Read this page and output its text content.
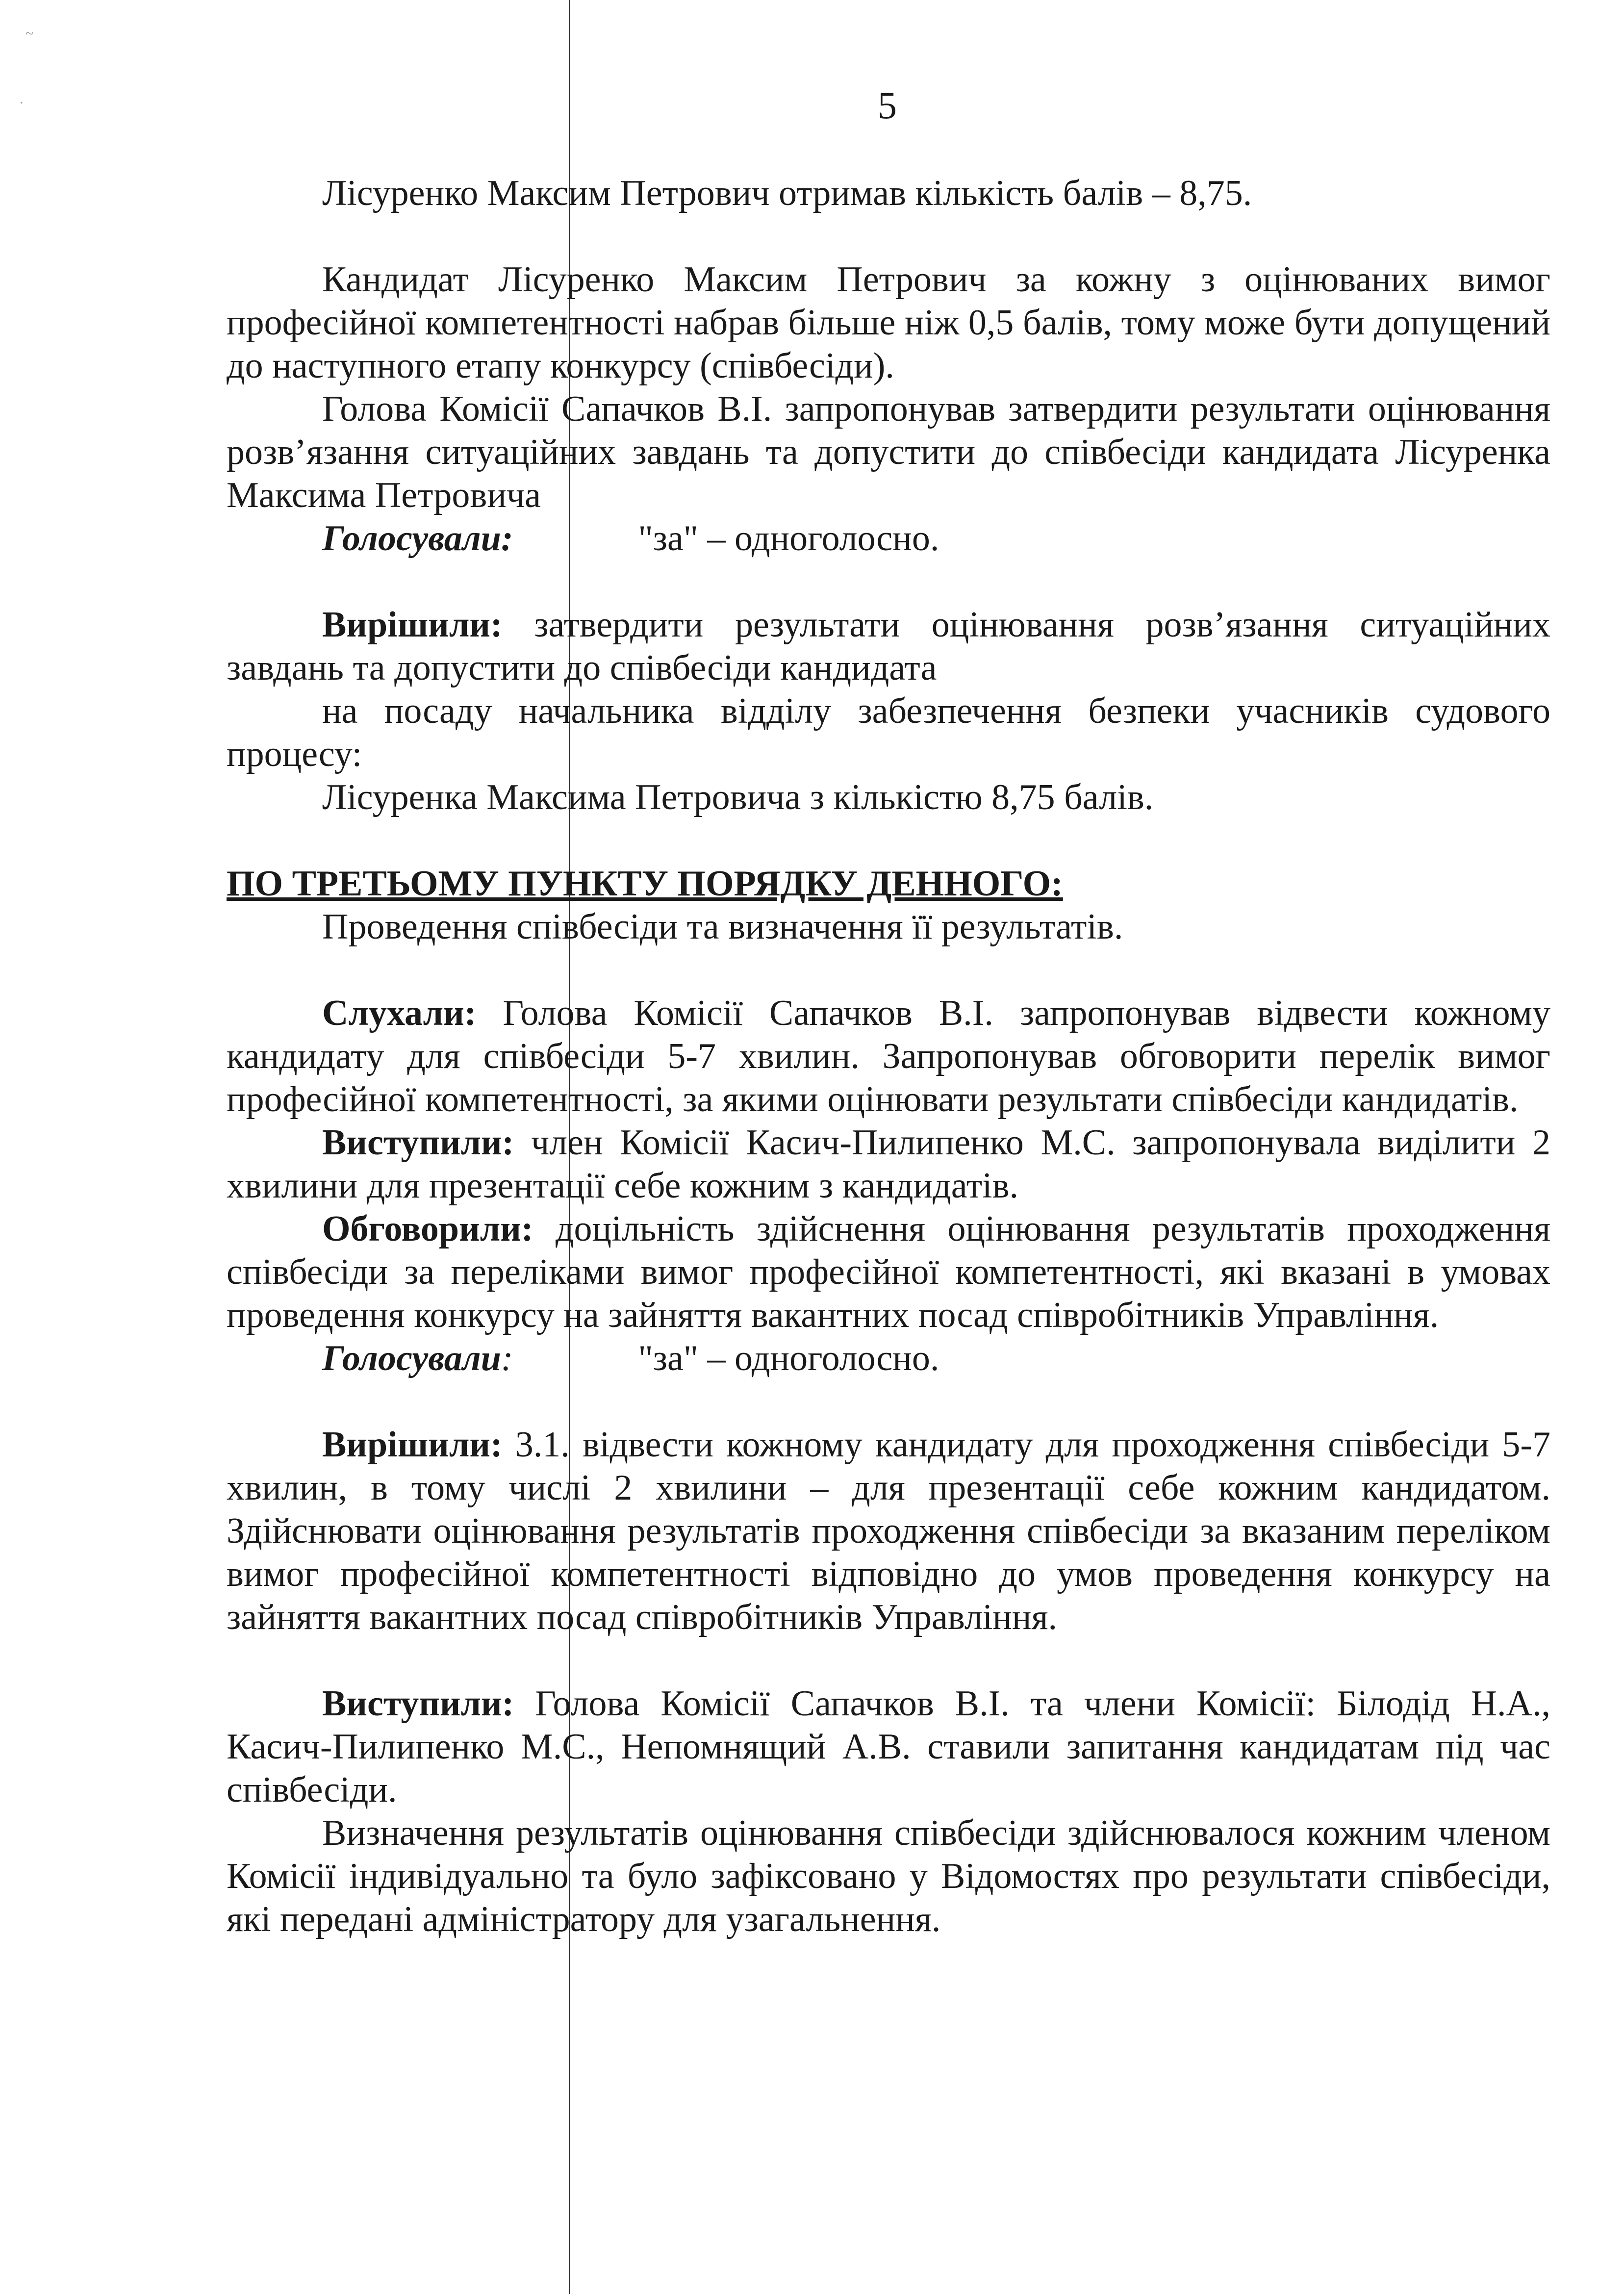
~
.	5

Лісуренко Максим Петрович отримав кількість балів – 8,75.

Кандидат Лісуренко Максим Петрович за кожну з оцінюваних вимог професійної компетентності набрав більше ніж 0,5 балів, тому може бути допущений до наступного етапу конкурсу (співбесіди).

Голова Комісії Сапачков В.І. запропонував затвердити результати оцінювання розв’язання ситуаційних завдань та допустити до співбесіди кандидата Лісуренка Максима Петровича

Голосували:	"за" – одноголосно.

Вирішили: затвердити результати оцінювання розв’язання ситуаційних завдань та допустити до співбесіди кандидата

на посаду начальника відділу забезпечення безпеки учасників судового процесу:

Лісуренка Максима Петровича з кількістю 8,75 балів.

ПО ТРЕТЬОМУ ПУНКТУ ПОРЯДКУ ДЕННОГО:

Проведення співбесіди та визначення її результатів.

Слухали: Голова Комісії Сапачков В.І. запропонував відвести кожному кандидату для співбесіди 5-7 хвилин. Запропонував обговорити перелік вимог професійної компетентності, за якими оцінювати результати співбесіди кандидатів.

Виступили: член Комісії Касич-Пилипенко М.С. запропонувала виділити 2 хвилини для презентації себе кожним з кандидатів.

Обговорили: доцільність здійснення оцінювання результатів проходження співбесіди за переліками вимог професійної компетентності, які вказані в умовах проведення конкурсу на зайняття вакантних посад співробітників Управління.

Голосували:	"за" – одноголосно.

Вирішили: 3.1. відвести кожному кандидату для проходження співбесіди 5-7 хвилин, в тому числі 2 хвилини – для презентації себе кожним кандидатом. Здійснювати оцінювання результатів проходження співбесіди за вказаним переліком вимог професійної компетентності відповідно до умов проведення конкурсу на зайняття вакантних посад співробітників Управління.

Виступили: Голова Комісії Сапачков В.І. та члени Комісії: Білодід Н.А., Касич-Пилипенко М.С., Непомнящий А.В. ставили запитання кандидатам під час співбесіди.

Визначення результатів оцінювання співбесіди здійснювалося кожним членом Комісії індивідуально та було зафіксовано у Відомостях про результати співбесіди, які передані адміністратору для узагальнення.
